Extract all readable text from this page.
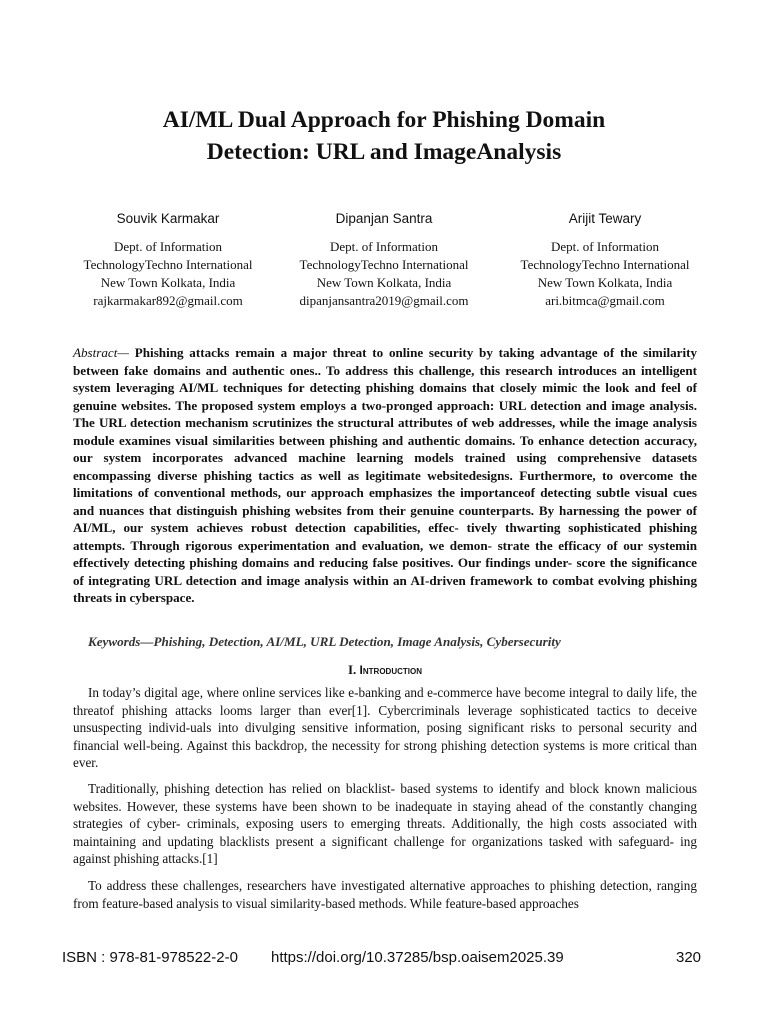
AI/ML Dual Approach for Phishing Domain
Detection: URL and ImageAnalysis
Souvik Karmakar
Dept. of Information
TechnologyTechno International
New Town Kolkata, India
rajkarmakar892@gmail.com
Dipanjan Santra
Dept. of Information
TechnologyTechno International
New Town Kolkata, India
dipanjansantra2019@gmail.com
Arijit Tewary
Dept. of Information
TechnologyTechno International
New Town Kolkata, India
ari.bitmca@gmail.com

Abstract— Phishing attacks remain a major threat to online security by taking advantage of the similarity between fake domains and authentic ones.. To address this challenge, this research introduces an intelligent system leveraging AI/ML techniques for detecting phishing domains that closely mimic the look and feel of genuine websites. The proposed system employs a two-pronged approach: URL detection and image analysis. The URL detection mechanism scrutinizes the structural attributes of web addresses, while the image analysis module examines visual similarities between phishing and authentic domains. To enhance detection accuracy, our system incorporates advanced machine learning models trained using comprehensive datasets encompassing diverse phishing tactics as well as legitimate websitedesigns. Furthermore, to overcome the limitations of conventional methods, our approach emphasizes the importanceof detecting subtle visual cues and nuances that distinguish phishing websites from their genuine counterparts. By harnessing the power of AI/ML, our system achieves robust detection capabilities, effec- tively thwarting sophisticated phishing attempts. Through rigorous experimentation and evaluation, we demon- strate the efficacy of our systemin effectively detecting phishing domains and reducing false positives. Our findings under- score the significance of integrating URL detection and image analysis within an AI-driven framework to combat evolving phishing threats in cyberspace.

Keywords—Phishing, Detection, AI/ML, URL Detection, Image Analysis, Cybersecurity

I. Introduction

In today’s digital age, where online services like e-banking and e-commerce have become integral to daily life, the threatof phishing attacks looms larger than ever[1]. Cybercriminals leverage sophisticated tactics to deceive unsuspecting individ-uals into divulging sensitive information, posing significant risks to personal security and financial well-being. Against this backdrop, the necessity for strong phishing detection systems is more critical than ever.

Traditionally, phishing detection has relied on blacklist- based systems to identify and block known malicious websites. However, these systems have been shown to be inadequate in staying ahead of the constantly changing strategies of cyber- criminals, exposing users to emerging threats. Additionally, the high costs associated with maintaining and updating blacklists present a significant challenge for organizations tasked with safeguard- ing against phishing attacks.[1]

To address these challenges, researchers have investigated alternative approaches to phishing detection, ranging from feature-based analysis to visual similarity-based methods. While feature-based approaches

ISBN : 978-81-978522-2-0 https://doi.org/10.37285/bsp.oaisem2025.39	320
